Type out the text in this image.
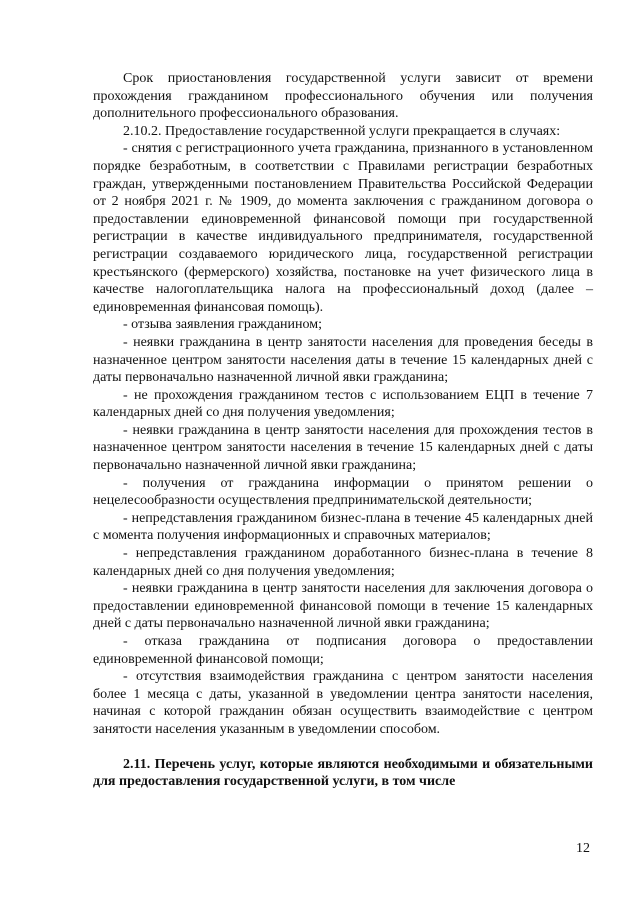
Срок приостановления государственной услуги зависит от времени прохождения гражданином профессионального обучения или получения дополнительного профессионального образования.

2.10.2. Предоставление государственной услуги прекращается в случаях:

- снятия с регистрационного учета гражданина, признанного в установленном порядке безработным, в соответствии с Правилами регистрации безработных граждан, утвержденными постановлением Правительства Российской Федерации от 2 ноября 2021 г. № 1909, до момента заключения с гражданином договора о предоставлении единовременной финансовой помощи при государственной регистрации в качестве индивидуального предпринимателя, государственной регистрации создаваемого юридического лица, государственной регистрации крестьянского (фермерского) хозяйства, постановке на учет физического лица в качестве налогоплательщика налога на профессиональный доход (далее – единовременная финансовая помощь).

- отзыва заявления гражданином;

- неявки гражданина в центр занятости населения для проведения беседы в назначенное центром занятости населения даты в течение 15 календарных дней с даты первоначально назначенной личной явки гражданина;

- не прохождения гражданином тестов с использованием ЕЦП в течение 7 календарных дней со дня получения уведомления;

- неявки гражданина в центр занятости населения для прохождения тестов в назначенное центром занятости населения в течение 15 календарных дней с даты первоначально назначенной личной явки гражданина;

- получения от гражданина информации о принятом решении о нецелесообразности осуществления предпринимательской деятельности;

- непредставления гражданином бизнес-плана в течение 45 календарных дней с момента получения информационных и справочных материалов;

- непредставления гражданином доработанного бизнес-плана в течение 8 календарных дней со дня получения уведомления;

- неявки гражданина в центр занятости населения для заключения договора о предоставлении единовременной финансовой помощи в течение 15 календарных дней с даты первоначально назначенной личной явки гражданина;

- отказа гражданина от подписания договора о предоставлении единовременной финансовой помощи;

- отсутствия взаимодействия гражданина с центром занятости населения более 1 месяца с даты, указанной в уведомлении центра занятости населения, начиная с которой гражданин обязан осуществить взаимодействие с центром занятости населения указанным в уведомлении способом.

2.11. Перечень услуг, которые являются необходимыми и обязательными для предоставления государственной услуги, в том числе

12
